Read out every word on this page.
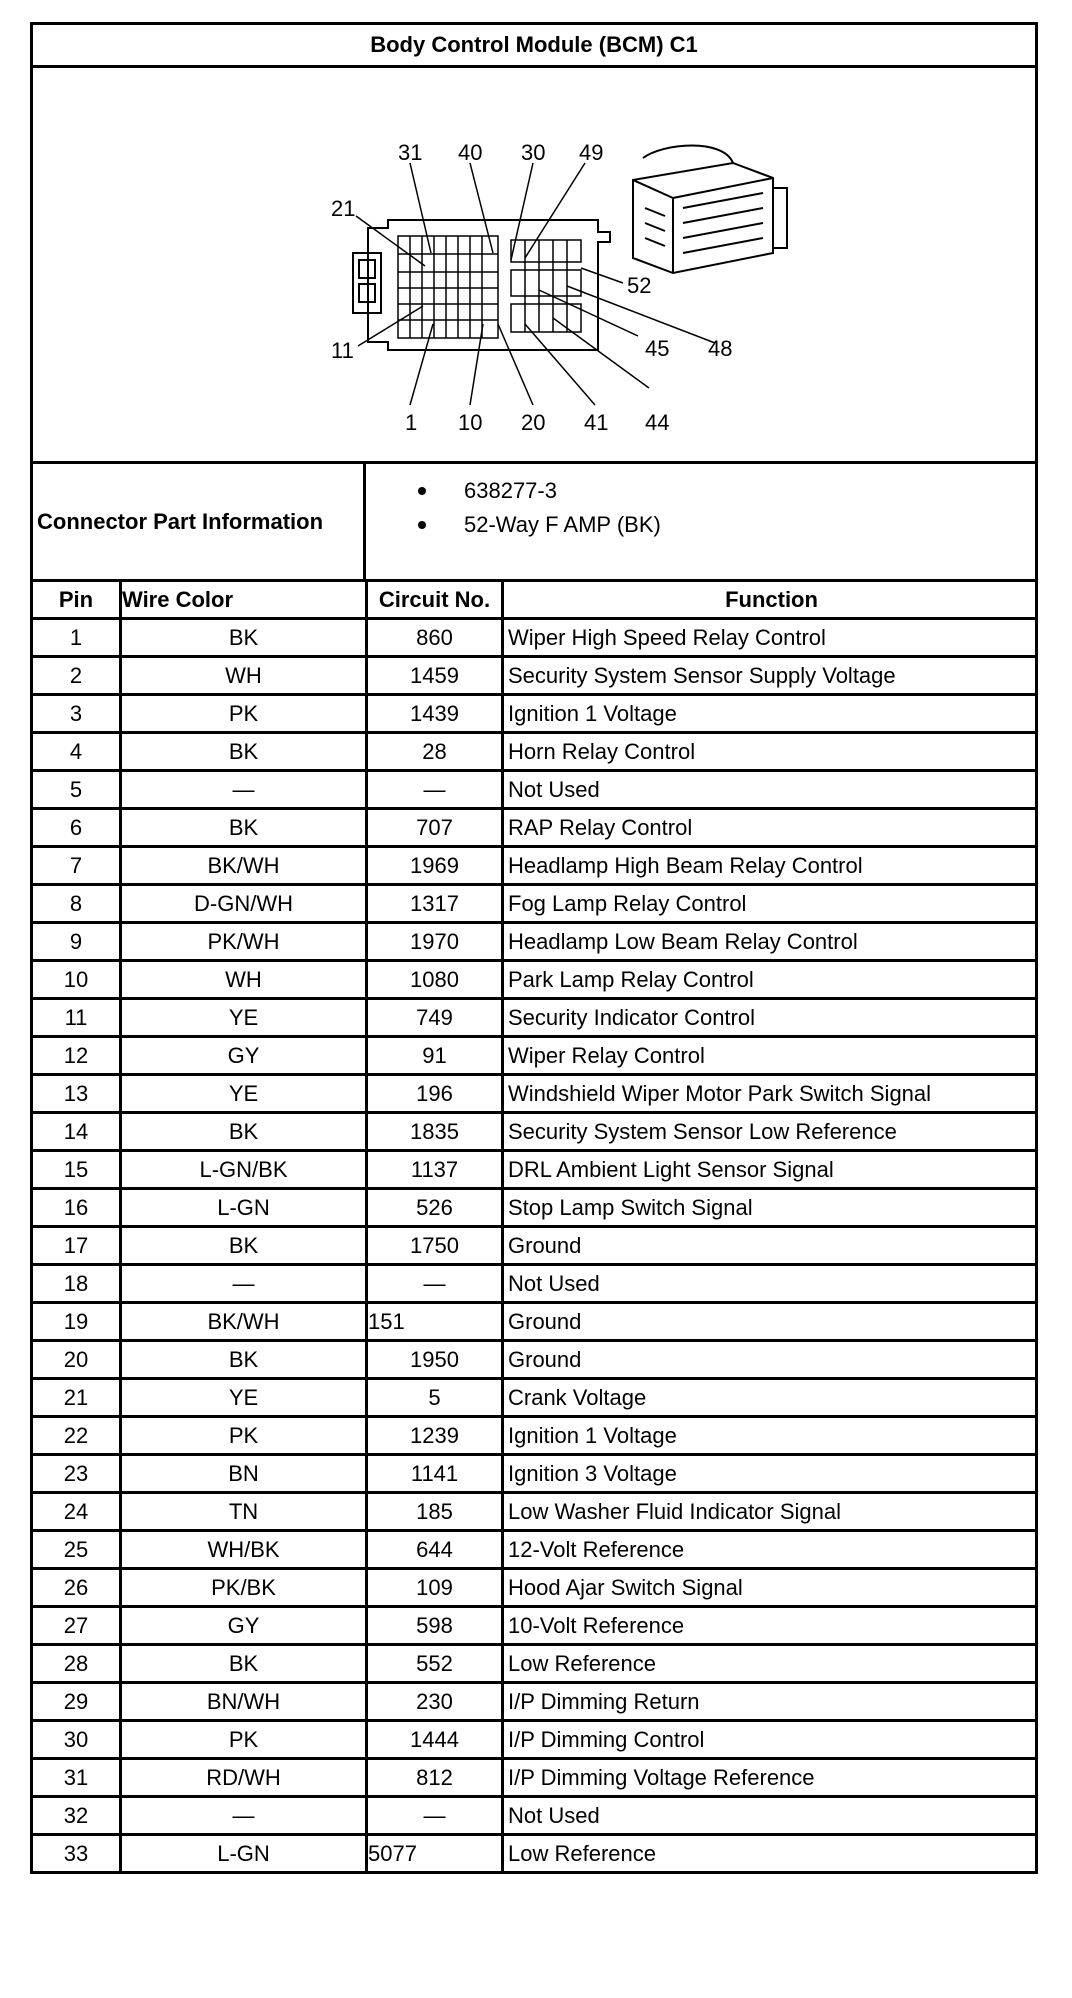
Body Control Module (BCM) C1
31 40 30 49
21
52
11	45 48
1 10 20 41 44
Connector Part Information
638277-3
52-Way F AMP (BK)
Pin	Wire Color	Circuit No.	Function
1	BK	860	Wiper High Speed Relay Control
2	WH	1459	Security System Sensor Supply Voltage
3	PK	1439	Ignition 1 Voltage
4	BK	28	Horn Relay Control
5	—	—	Not Used
6	BK	707	RAP Relay Control
7	BK/WH	1969	Headlamp High Beam Relay Control
8	D-GN/WH	1317	Fog Lamp Relay Control
9	PK/WH	1970	Headlamp Low Beam Relay Control
10	WH	1080	Park Lamp Relay Control
11	YE	749	Security Indicator Control
12	GY	91	Wiper Relay Control
13	YE	196	Windshield Wiper Motor Park Switch Signal
14	BK	1835	Security System Sensor Low Reference
15	L-GN/BK	1137	DRL Ambient Light Sensor Signal
16	L-GN	526	Stop Lamp Switch Signal
17	BK	1750	Ground
18	—	—	Not Used
19	BK/WH	151	Ground
20	BK	1950	Ground
21	YE	5	Crank Voltage
22	PK	1239	Ignition 1 Voltage
23	BN	1141	Ignition 3 Voltage
24	TN	185	Low Washer Fluid Indicator Signal
25	WH/BK	644	12-Volt Reference
26	PK/BK	109	Hood Ajar Switch Signal
27	GY	598	10-Volt Reference
28	BK	552	Low Reference
29	BN/WH	230	I/P Dimming Return
30	PK	1444	I/P Dimming Control
31	RD/WH	812	I/P Dimming Voltage Reference
32	—	—	Not Used
33	L-GN	5077	Low Reference
